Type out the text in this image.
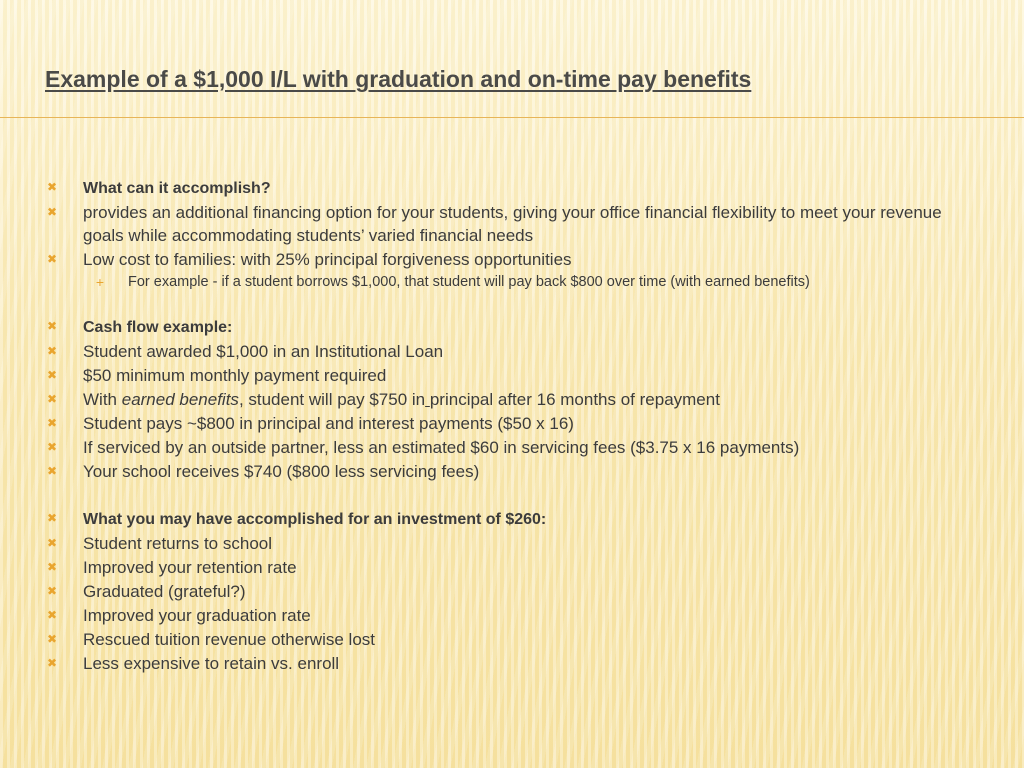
Example of a $1,000 I/L with graduation and on-time pay benefits
✖ What can it accomplish?
✖ provides an additional financing option for your students, giving your office financial flexibility to meet your revenue goals while accommodating students’ varied financial needs
✖ Low cost to families: with 25% principal forgiveness opportunities
+ For example - if a student borrows $1,000, that student will pay back $800 over time (with earned benefits)
✖ Cash flow example:
✖ Student awarded $1,000 in an Institutional Loan
✖ $50 minimum monthly payment required
✖ With earned benefits, student will pay $750 in principal after 16 months of repayment
✖ Student pays ~$800 in principal and interest payments ($50 x 16)
✖ If serviced by an outside partner, less an estimated $60 in servicing fees ($3.75 x 16 payments)
✖ Your school receives $740 ($800 less servicing fees)
✖ What you may have accomplished for an investment of $260:
✖ Student returns to school
✖ Improved your retention rate
✖ Graduated (grateful?)
✖ Improved your graduation rate
✖ Rescued tuition revenue otherwise lost
✖ Less expensive to retain vs. enroll
